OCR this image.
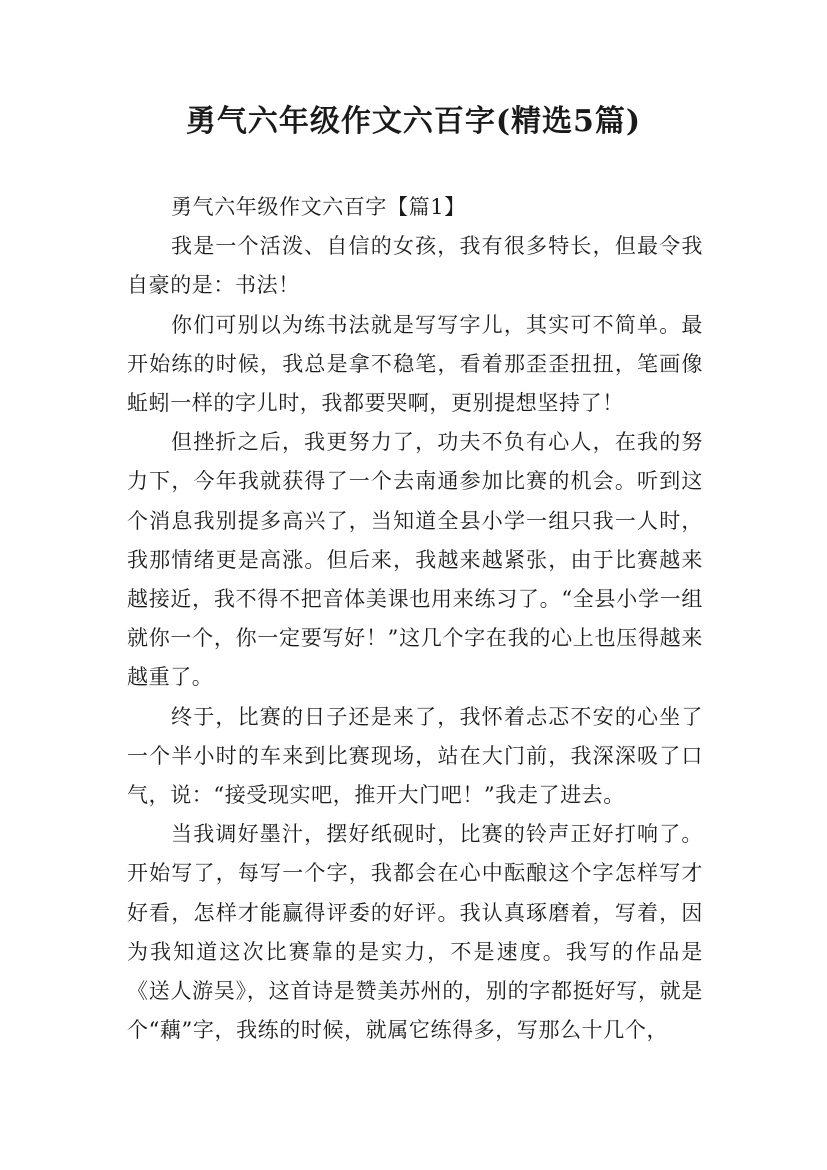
勇气六年级作文六百字(精选5篇)

勇气六年级作文六百字【篇1】

我是一个活泼、自信的女孩，我有很多特长，但最令我自豪的是：书法！

你们可别以为练书法就是写写字儿，其实可不简单。最开始练的时候，我总是拿不稳笔，看着那歪歪扭扭，笔画像蚯蚓一样的字儿时，我都要哭啊，更别提想坚持了！

但挫折之后，我更努力了，功夫不负有心人，在我的努力下，今年我就获得了一个去南通参加比赛的机会。听到这个消息我别提多高兴了，当知道全县小学一组只我一人时，我那情绪更是高涨。但后来，我越来越紧张，由于比赛越来越接近，我不得不把音体美课也用来练习了。“全县小学一组就你一个，你一定要写好！”这几个字在我的心上也压得越来越重了。

终于，比赛的日子还是来了，我怀着忐忑不安的心坐了一个半小时的车来到比赛现场，站在大门前，我深深吸了口气，说：“接受现实吧，推开大门吧！”我走了进去。

当我调好墨汁，摆好纸砚时，比赛的铃声正好打响了。开始写了，每写一个字，我都会在心中酝酿这个字怎样写才好看，怎样才能赢得评委的好评。我认真琢磨着，写着，因为我知道这次比赛靠的是实力，不是速度。我写的作品是《送人游吴》，这首诗是赞美苏州的，别的字都挺好写，就是个“藕”字，我练的时候，就属它练得多，写那么十几个，
